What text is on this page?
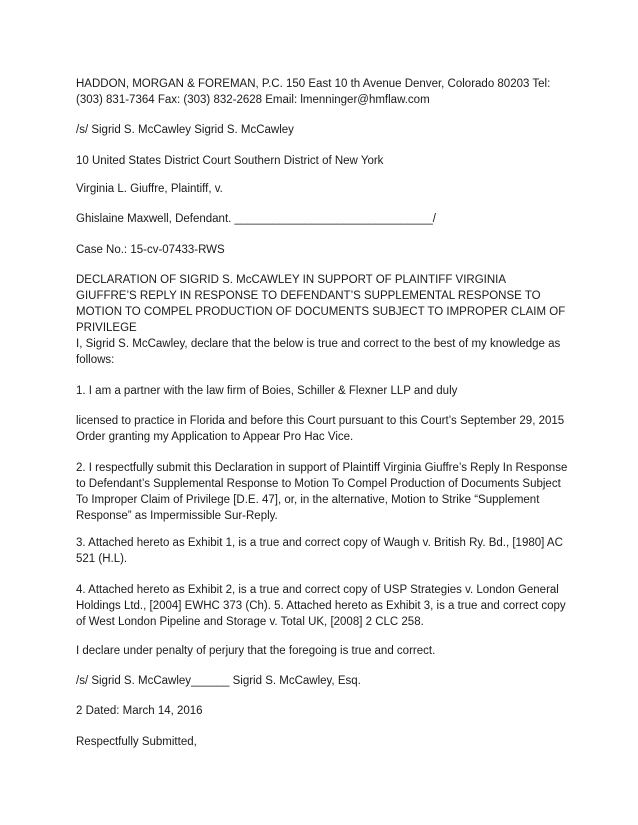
HADDON, MORGAN & FOREMAN, P.C. 150 East 10 th Avenue Denver, Colorado 80203 Tel: (303) 831-7364 Fax: (303) 832-2628 Email: lmenninger@hmflaw.com

/s/ Sigrid S. McCawley Sigrid S. McCawley

10 United States District Court Southern District of New York

Virginia L. Giuffre, Plaintiff, v.

Ghislaine Maxwell, Defendant. _______________________________/

Case No.: 15-cv-07433-RWS

DECLARATION OF SIGRID S. McCAWLEY IN SUPPORT OF PLAINTIFF VIRGINIA GIUFFRE’S REPLY IN RESPONSE TO DEFENDANT’S SUPPLEMENTAL RESPONSE TO MOTION TO COMPEL PRODUCTION OF DOCUMENTS SUBJECT TO IMPROPER CLAIM OF PRIVILEGE

I, Sigrid S. McCawley, declare that the below is true and correct to the best of my knowledge as follows:

1. I am a partner with the law firm of Boies, Schiller & Flexner LLP and duly

licensed to practice in Florida and before this Court pursuant to this Court’s September 29, 2015 Order granting my Application to Appear Pro Hac Vice.

2. I respectfully submit this Declaration in support of Plaintiff Virginia Giuffre’s Reply In Response to Defendant’s Supplemental Response to Motion To Compel Production of Documents Subject To Improper Claim of Privilege [D.E. 47], or, in the alternative, Motion to Strike “Supplement Response” as Impermissible Sur-Reply.

3. Attached hereto as Exhibit 1, is a true and correct copy of Waugh v. British Ry. Bd., [1980] AC 521 (H.L).

4. Attached hereto as Exhibit 2, is a true and correct copy of USP Strategies v. London General Holdings Ltd., [2004] EWHC 373 (Ch). 5. Attached hereto as Exhibit 3, is a true and correct copy of West London Pipeline and Storage v. Total UK, [2008] 2 CLC 258.

I declare under penalty of perjury that the foregoing is true and correct.

/s/ Sigrid S. McCawley______ Sigrid S. McCawley, Esq.

2 Dated: March 14, 2016

Respectfully Submitted,
